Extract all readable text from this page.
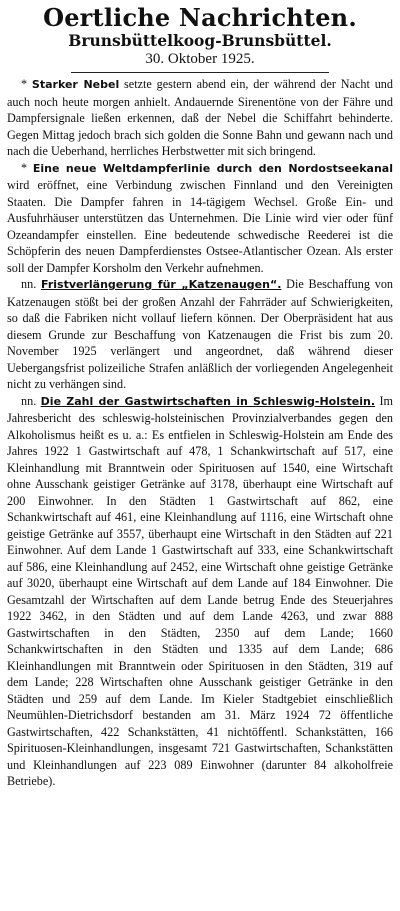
Oertliche Nachrichten.
Brunsbüttelkoog-Brunsbüttel.
30. Oktober 1925.

* Starker Nebel setzte gestern abend ein, der während der Nacht und auch noch heute morgen anhielt. Andauernde Sirenentöne von der Fähre und Dampfersignale ließen erkennen, daß der Nebel die Schiffahrt behinderte. Gegen Mittag jedoch brach sich golden die Sonne Bahn und gewann nach und nach die Ueberhand, herrliches Herbstwetter mit sich bringend.

* Eine neue Weltdampferlinie durch den Nordostseekanal wird eröffnet, eine Verbindung zwischen Finnland und den Vereinigten Staaten. Die Dampfer fahren in 14-tägigem Wechsel. Große Ein- und Ausfuhrhäuser unterstützen das Unternehmen. Die Linie wird vier oder fünf Ozeandampfer einstellen. Eine bedeutende schwedische Reederei ist die Schöpferin des neuen Dampferdienstes Ostsee-Atlantischer Ozean. Als erster soll der Dampfer Korsholm den Verkehr aufnehmen.

nn. Fristverlängerung für „Katzenaugen“. Die Beschaffung von Katzenaugen stößt bei der großen Anzahl der Fahrräder auf Schwierigkeiten, so daß die Fabriken nicht vollauf liefern können. Der Oberpräsident hat aus diesem Grunde zur Beschaffung von Katzenaugen die Frist bis zum 20. November 1925 verlängert und angeordnet, daß während dieser Uebergangsfrist polizeiliche Strafen anläßlich der vorliegenden Angelegenheit nicht zu verhängen sind.

nn. Die Zahl der Gastwirtschaften in Schleswig-Holstein. Im Jahresbericht des schleswig-holsteinischen Provinzialverbandes gegen den Alkoholismus heißt es u. a.: Es entfielen in Schleswig-Holstein am Ende des Jahres 1922 1 Gastwirtschaft auf 478, 1 Schankwirtschaft auf 517, eine Kleinhandlung mit Branntwein oder Spirituosen auf 1540, eine Wirtschaft ohne Ausschank geistiger Getränke auf 3178, überhaupt eine Wirtschaft auf 200 Einwohner. In den Städten 1 Gastwirtschaft auf 862, eine Schankwirtschaft auf 461, eine Kleinhandlung auf 1116, eine Wirtschaft ohne geistige Getränke auf 3557, überhaupt eine Wirtschaft in den Städten auf 221 Einwohner. Auf dem Lande 1 Gastwirtschaft auf 333, eine Schankwirtschaft auf 586, eine Kleinhandlung auf 2452, eine Wirtschaft ohne geistige Getränke auf 3020, überhaupt eine Wirtschaft auf dem Lande auf 184 Einwohner. Die Gesamtzahl der Wirtschaften auf dem Lande betrug Ende des Steuerjahres 1922 3462, in den Städten und auf dem Lande 4263, und zwar 888 Gastwirtschaften in den Städten, 2350 auf dem Lande; 1660 Schankwirtschaften in den Städten und 1335 auf dem Lande; 686 Kleinhandlungen mit Branntwein oder Spirituosen in den Städten, 319 auf dem Lande; 228 Wirtschaften ohne Ausschank geistiger Getränke in den Städten und 259 auf dem Lande. Im Kieler Stadtgebiet einschließlich Neumühlen-Dietrichsdorf bestanden am 31. März 1924 72 öffentliche Gastwirtschaften, 422 Schankstätten, 41 nichtöffentl. Schankstätten, 166 Spirituosen-Kleinhandlungen, insgesamt 721 Gastwirtschaften, Schankstätten und Kleinhandlungen auf 223 089 Einwohner (darunter 84 alkoholfreie Betriebe).
